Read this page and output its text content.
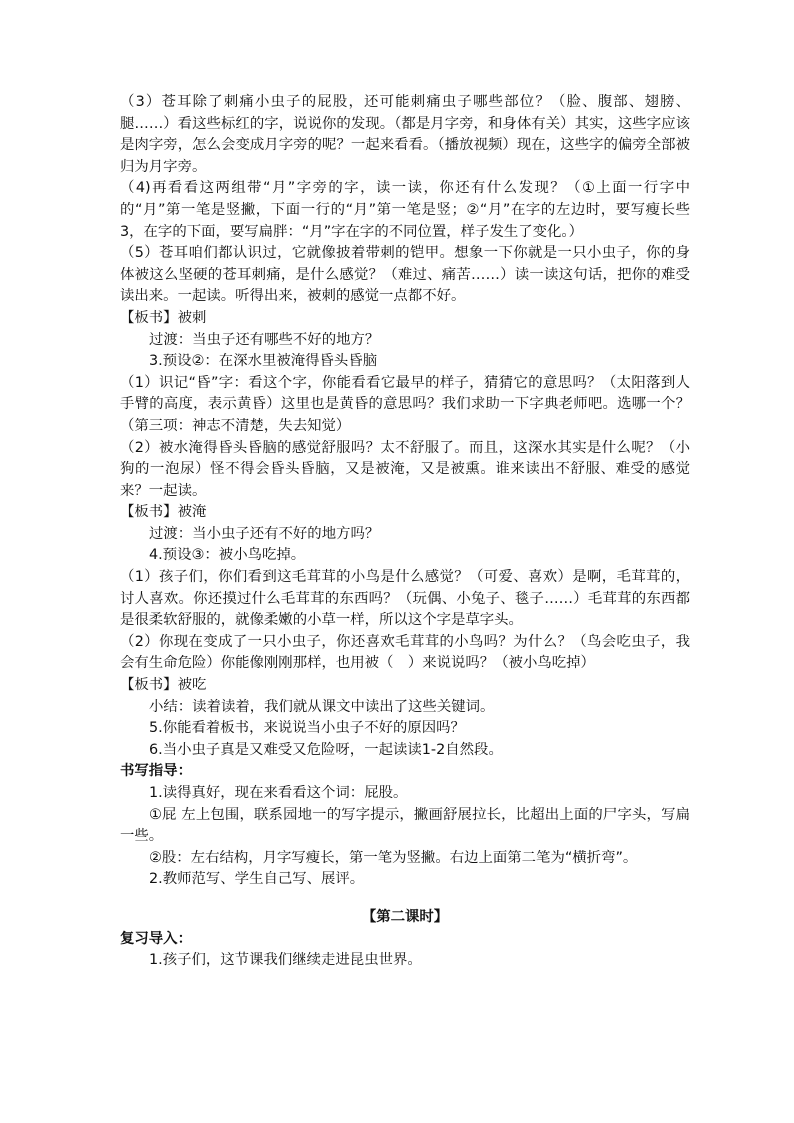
（3）苍耳除了刺痛小虫子的屁股，还可能刺痛虫子哪些部位？（脸、腹部、翅膀、腿……）看这些标红的字，说说你的发现。（都是月字旁，和身体有关）其实，这些字应该是肉字旁，怎么会变成月字旁的呢？一起来看看。（播放视频）现在，这些字的偏旁全部被归为月字旁。

（4)再看看这两组带“月”字旁的字，读一读，你还有什么发现？（①上面一行字中的“月”第一笔是竖撇，下面一行的“月”第一笔是竖；②“月”在字的左边时，要写瘦长些3，在字的下面，要写扁胖：“月”字在字的不同位置，样子发生了变化。）

（5）苍耳咱们都认识过，它就像披着带刺的铠甲。想象一下你就是一只小虫子，你的身体被这么坚硬的苍耳刺痛，是什么感觉？（难过、痛苦……）读一读这句话，把你的难受读出来。一起读。听得出来，被刺的感觉一点都不好。

【板书】被刺

过渡：当虫子还有哪些不好的地方？

3.预设②：在深水里被淹得昏头昏脑

（1）识记“昏”字：看这个字，你能看看它最早的样子，猜猜它的意思吗？（太阳落到人手臂的高度，表示黄昏）这里也是黄昏的意思吗？我们求助一下字典老师吧。选哪一个？（第三项：神志不清楚，失去知觉）

（2）被水淹得昏头昏脑的感觉舒服吗？太不舒服了。而且，这深水其实是什么呢？（小狗的一泡尿）怪不得会昏头昏脑，又是被淹，又是被熏。谁来读出不舒服、难受的感觉来？一起读。

【板书】被淹

过渡：当小虫子还有不好的地方吗？

4.预设③：被小鸟吃掉。

（1）孩子们，你们看到这毛茸茸的小鸟是什么感觉？（可爱、喜欢）是啊，毛茸茸的，讨人喜欢。你还摸过什么毛茸茸的东西吗？（玩偶、小兔子、毯子……）毛茸茸的东西都是很柔软舒服的，就像柔嫩的小草一样，所以这个字是草字头。

（2）你现在变成了一只小虫子，你还喜欢毛茸茸的小鸟吗？为什么？（鸟会吃虫子，我会有生命危险）你能像刚刚那样，也用被（　）来说说吗？（被小鸟吃掉）

【板书】被吃

小结：读着读着，我们就从课文中读出了这些关键词。

5.你能看着板书，来说说当小虫子不好的原因吗？

6.当小虫子真是又难受又危险呀，一起读读1-2自然段。

书写指导：

1.读得真好，现在来看看这个词：屁股。

①屁 左上包围，联系园地一的写字提示，撇画舒展拉长，比超出上面的尸字头，写扁一些。

②股：左右结构，月字写瘦长，第一笔为竖撇。右边上面第二笔为“横折弯”。

2.教师范写、学生自己写、展评。

【第二课时】

复习导入：

1.孩子们，这节课我们继续走进昆虫世界。
